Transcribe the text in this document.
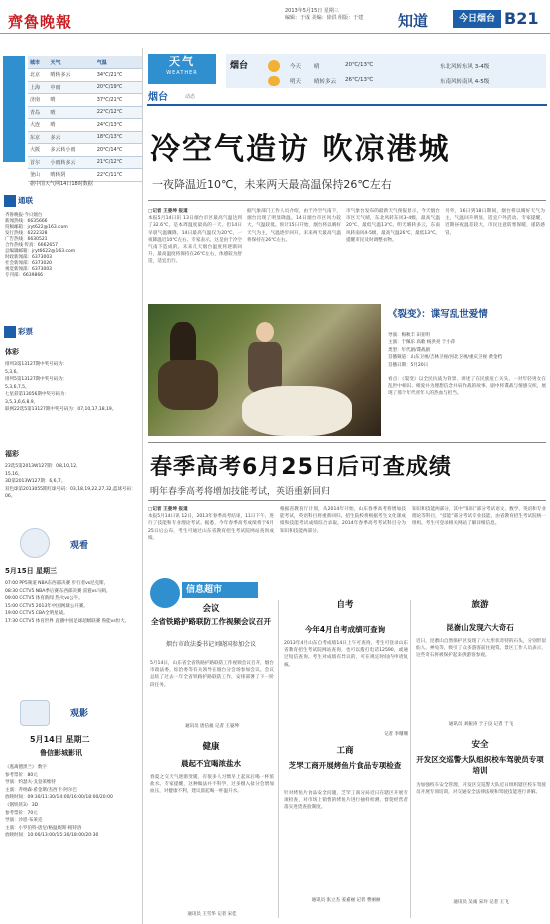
齊魯晚報
2013年5月15日 星期三
编辑：于成 美编：徐洪 组版：于建	知道	今日烟台 B21
城市	天气	气温
北京	晴转多云	34℃/21℃
上海	中雨	20℃/19℃
济南	晴	37℃/21℃
青岛	晴	22℃/12℃
大连	晴	24℃/13℃
东京	多云	18℃/13℃
大阪	多云转小雨	20℃/14℃
首尔	小雨转多云	21℃/12℃
釜山	晴转阴	22℃/11℃
据中国天气网14日18时数据
通联
齐鲁晚报·今日烟台
新闻热线：6635666
投稿邮箱：jryt622@163.com
发行热线：6222328
广告热线：6630521
合作热线 传真：6662657
总编辑邮箱：jryt6622@163.com
时政新闻部：6373003
社会新闻部：6373020
视觉新闻部：6373003
专刊部：6639866
彩票
体彩
排列3第13127期中奖号码为：
5,3,6。
排列5第13127期中奖号码为：
5,3,6,7,5。
七星彩第13056期中奖号码为：
3,5,3,6,6,8,9。
联网22选5第13127期中奖号码为：07,10,17,18,19。
福彩
23选5第2013W127期：08,10,12,
15,16。
3D第2013W127期：6,6,7。
双色球第2013055期红球号码：03,18,19,22,27,32,蓝球号码：06。
观看
5月15日 星期三
07:00 PP5频道 NBA东西部决赛 步行者vs尼克斯。
08:30 CCTV5 NBA季后赛东西部决赛 雷霆vs马刺。
09:00 CCTV5 体育新闻 热火vs公牛。
15:00 CCTV5 2013年中国网球公开赛。
19:00 CCTV5 CBA全明星战。
17:30 CCTV5 体育世界 直播中国足球超级联赛 鲁能vs恒大。
观影
5月14日 星期二
鲁信影城影讯
《逃离德黑兰》 数字
参考票价：80元
导演：约瑟夫·戈登莱维特
主演：乔纳森·希金斯/杰西卡·阿尔巴
放映时间：09:30/11:30/14:00/16:00/18:00/20:00
《钢铁侠3》 3D
参考票价：70元
导演：沙恩·布莱克
主演：小罗伯特·唐尼/格温妮斯·帕特洛
放映时间：10:00/13:00/15:30/18:00/20:30
天气
WEATHER
烟台	动态
烟台	今天 晴	20℃/13℃	东北风转东风 3-4级
明天 晴转多云 26℃/13℃	东南风转南风 4-5级
冷空气造访 吹凉港城
一夜降温近10℃，未来两天最高温保持26℃左右
□记者 王晏坤 报道
本报5月14日讯 13日烟台市区最高气温达到了32.6℃，是本周温度最高的一天。但14日早晨气温骤降，14日最高气温仅为20℃，一夜降温近10℃左右。专家表示，这是由于冷空气南下造成的。未来几天烟台温度将逐渐回升，最高温度将保持在26℃左右，体感较为舒适，适宜出行。
据气象部门工作人员介绍，由于冷空气南下，烟台出现了明显降温。14日烟台市区风力较大，气温较低。预计15日开始，烟台将以晴好天气为主，气温逐步回升。未来两天最高气温将保持在26℃左右。
市气象台发布的最新天气预报显示，今天烟台市区天气晴，东北风转东风3-4级，最高气温20℃，最低气温13℃。明天晴转多云，东南风转南风4-5级，最高气温26℃，最低13℃。提醒市民及时调整衣物。
另外，16日到18日期间，烟台将以晴好天气为主，气温回升明显，适宜户外活动。专家提醒，近期昼夜温差较大，市民注意防寒保暖，谨防感冒。
《裂变》：谍写乱世爱情
导演：梅秋丰 田亚明
主演：于佩乐 高歌 杨洪亮 于小萍
类型：年代剧/谍战剧
首播频道：山东卫视/吉林卫视/河北卫视/重庆卫视 黄金档
首播日期：5月20日
看点：《裂变》以全民抗战为背景，讲述了在民族危亡关头，一对年轻男女在乱世中相识、相爱并为理想信念并肩作战的故事。剧中将谍战与情感交织，展现了那个年代青年人的热血与担当。
春季高考6月25日后可查成绩
明年春季高考将增加技能考试，英语重新回归
□记者 王晏坤 报道
本报5月14日讯 12日，2013年春季高考结束，11日下午，进行了技能和专业理论考试。据悉，今年春季高考成绩将于6月25日后公布，考生可通过山东省教育招生考试院网站查询成绩。
根据省教育厅计划，从2014年开始，山东春季高考将增加技能考试，英语科目将重新回归。招生院校将根据考生文化课成绩和技能考试成绩综合录取。2014年春季高考考试科目分为知识和技能两部分。
知识和技能两部分，其中“知识”部分考试语文、数学、英语和专业理论等科目，“技能”部分考试专业技能，由省教育招生考试院统一组织。考生可登录相关网站了解详细信息。
信息超市
会议
全省铁路护路联防工作视频会议召开
烟台市政法委书记刘晓国参加会议
5月14日，山东省全省铁路护路联防工作视频会议召开，烟台市政法委、综治委等有关领导在烟台分会场参加会议。会议总结了过去一年全省铁路护路联防工作，安排部署了下一阶段任务。
通讯员 唐信福 记者 王晏坤
健康
晨起不宜喝浓盐水
春夏之交天气逐渐变暖，有很多人习惯早上起床后喝一杯浓盐水。专家提醒，这种做法并不科学，过多摄入盐分会增加血压，对健康不利，建议晨起喝一杯温开水。
通讯员 王雪华 记者 宋佳
自考
今年4月自考成绩可查询
2013年4月山东自考成绩14日上午可查询，考生可登录山东省教育招生考试院网站查询，也可以拨打电话12590，或通过短信查询。考生对成绩有异议的，可在规定时间内申请复核。
记者 李珊珊
工商
芝罘工商开展烤鱼片食品专项检查
针对烤鱼片食品安全问题，芝罘工商分局近日在辖区开展专项检查，对市场上销售的烤鱼片进行抽样检测，督促经营者落实进货查验制度。
通讯员 张立杰 姜嘉丽 记者 曹丽丽
旅游
昆嵛山发现六大奇石
近日，昆嵛山自然保护区发现了六大形状奇特的石头，分别形似仙人、神龟等，吸引了众多游客前往观赏。景区工作人员表示，这些奇石将被保护起来供游客参观。
通讯员 刘振涛 于子良 记者 于飞
安全
开发区交巡警大队组织校车驾驶员专项培训
为加强校车安全管理，开发区交巡警大队近日组织辖区校车驾驶员开展专项培训，对交通安全法律法规和驾驶技能进行讲解。
通讯员 吴诚 宋玲 记者 王飞
